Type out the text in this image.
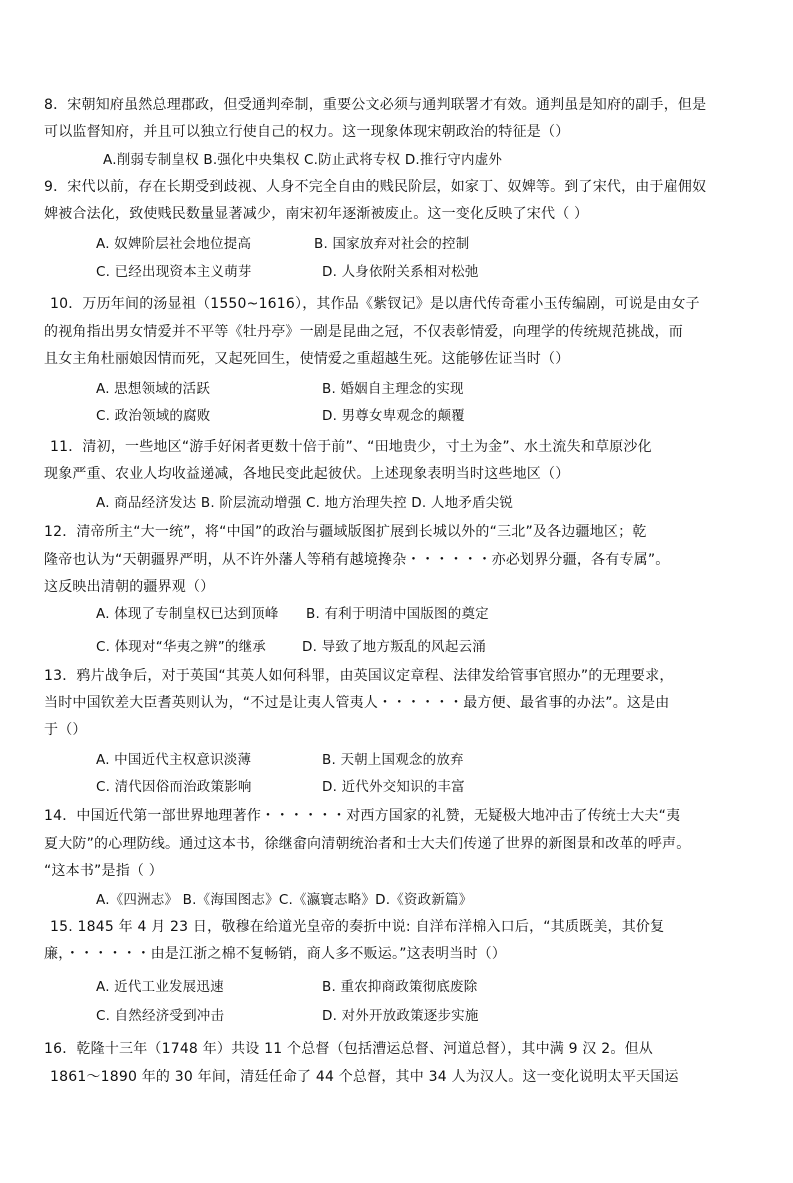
8．宋朝知府虽然总理郡政，但受通判牵制，重要公文必须与通判联署才有效。通判虽是知府的副手，但是
可以监督知府，并且可以独立行使自己的权力。这一现象体现宋朝政治的特征是（）
A.削弱专制皇权 B.强化中央集权 C.防止武将专权 D.推行守内虚外
9．宋代以前，存在长期受到歧视、人身不完全自由的贱民阶层，如家丁、奴婢等。到了宋代，由于雇佣奴
婢被合法化，致使贱民数量显著减少，南宋初年逐渐被废止。这一变化反映了宋代（ ）
A. 奴婢阶层社会地位提高	B. 国家放弃对社会的控制
C. 已经出现资本主义萌芽	D. 人身依附关系相对松弛
10．万历年间的汤显祖（1550~1616），其作品《紫钗记》是以唐代传奇霍小玉传编剧，可说是由女子
的视角指出男女情爱并不平等《牡丹亭》一剧是昆曲之冠，不仅表彰情爱，向理学的传统规范挑战，而
且女主角杜丽娘因情而死，又起死回生，使情爱之重超越生死。这能够佐证当时（）
A. 思想领域的活跃	B. 婚姻自主理念的实现
C. 政治领域的腐败	D. 男尊女卑观念的颠覆
11．清初，一些地区“游手好闲者更数十倍于前”、“田地贵少，寸土为金”、水土流失和草原沙化
现象严重、农业人均收益递减，各地民变此起彼伏。上述现象表明当时这些地区（）
A. 商品经济发达 B. 阶层流动增强 C. 地方治理失控 D. 人地矛盾尖锐
12．清帝所主“大一统”，将“中国”的政治与疆域版图扩展到长城以外的“三北”及各边疆地区；乾
隆帝也认为“天朝疆界严明，从不许外藩人等稍有越境搀杂・・・・・・亦必划界分疆，各有专属”。
这反映出清朝的疆界观（）
A. 体现了专制皇权已达到顶峰 B. 有利于明清中国版图的奠定
C. 体现对“华夷之辨”的继承	D. 导致了地方叛乱的风起云涌
13．鸦片战争后，对于英国“其英人如何科罪，由英国议定章程、法律发给管事官照办”的无理要求，
当时中国钦差大臣耆英则认为，“不过是让夷人管夷人・・・・・・最方便、最省事的办法”。这是由
于（）
A. 中国近代主权意识淡薄	B. 天朝上国观念的放弃
C. 清代因俗而治政策影响	D. 近代外交知识的丰富
14．中国近代第一部世界地理著作・・・・・・对西方国家的礼赞，无疑极大地冲击了传统士大夫“夷
夏大防”的心理防线。通过这本书，徐继畲向清朝统治者和士大夫们传递了世界的新图景和改革的呼声。
“这本书”是指（ ）
A.《四洲志》 B.《海国图志》C.《瀛寰志略》D.《资政新篇》
15. 1845 年 4 月 23 日，敬穆在给道光皇帝的奏折中说: 自洋布洋棉入口后，“其质既美，其价复
廉，・・・・・・由是江浙之棉不复畅销，商人多不贩运。”这表明当时（）
A. 近代工业发展迅速	B. 重农抑商政策彻底废除
C. 自然经济受到冲击	D. 对外开放政策逐步实施
16．乾隆十三年（1748 年）共设 11 个总督（包括漕运总督、河道总督），其中满 9 汉 2。但从
1861～1890 年的 30 年间，清廷任命了 44 个总督，其中 34 人为汉人。这一变化说明太平天国运
